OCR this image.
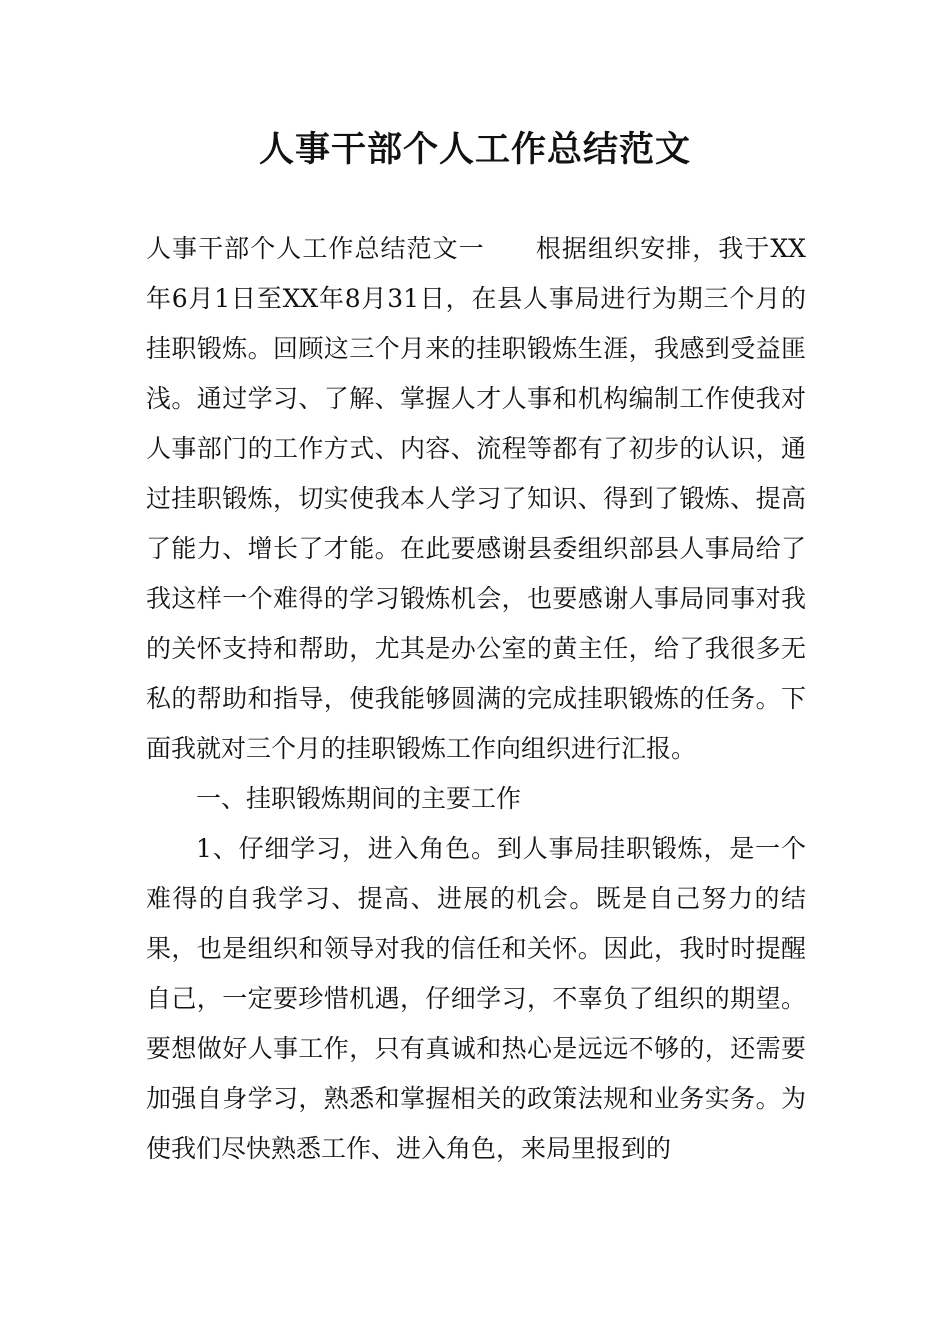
人事干部个人工作总结范文

人事干部个人工作总结范文一 根据组织安排，我于XX年6月1日至XX年8月31日，在县人事局进行为期三个月的挂职锻炼。回顾这三个月来的挂职锻炼生涯，我感到受益匪浅。通过学习、了解、掌握人才人事和机构编制工作使我对人事部门的工作方式、内容、流程等都有了初步的认识，通过挂职锻炼，切实使我本人学习了知识、得到了锻炼、提高了能力、增长了才能。在此要感谢县委组织部县人事局给了我这样一个难得的学习锻炼机会，也要感谢人事局同事对我的关怀支持和帮助，尤其是办公室的黄主任，给了我很多无私的帮助和指导，使我能够圆满的完成挂职锻炼的任务。下面我就对三个月的挂职锻炼工作向组织进行汇报。

一、挂职锻炼期间的主要工作

1、仔细学习，进入角色。到人事局挂职锻炼，是一个难得的自我学习、提高、进展的机会。既是自己努力的结果，也是组织和领导对我的信任和关怀。因此，我时时提醒自己，一定要珍惜机遇，仔细学习，不辜负了组织的期望。要想做好人事工作，只有真诚和热心是远远不够的，还需要加强自身学习，熟悉和掌握相关的政策法规和业务实务。为使我们尽快熟悉工作、进入角色，来局里报到的
